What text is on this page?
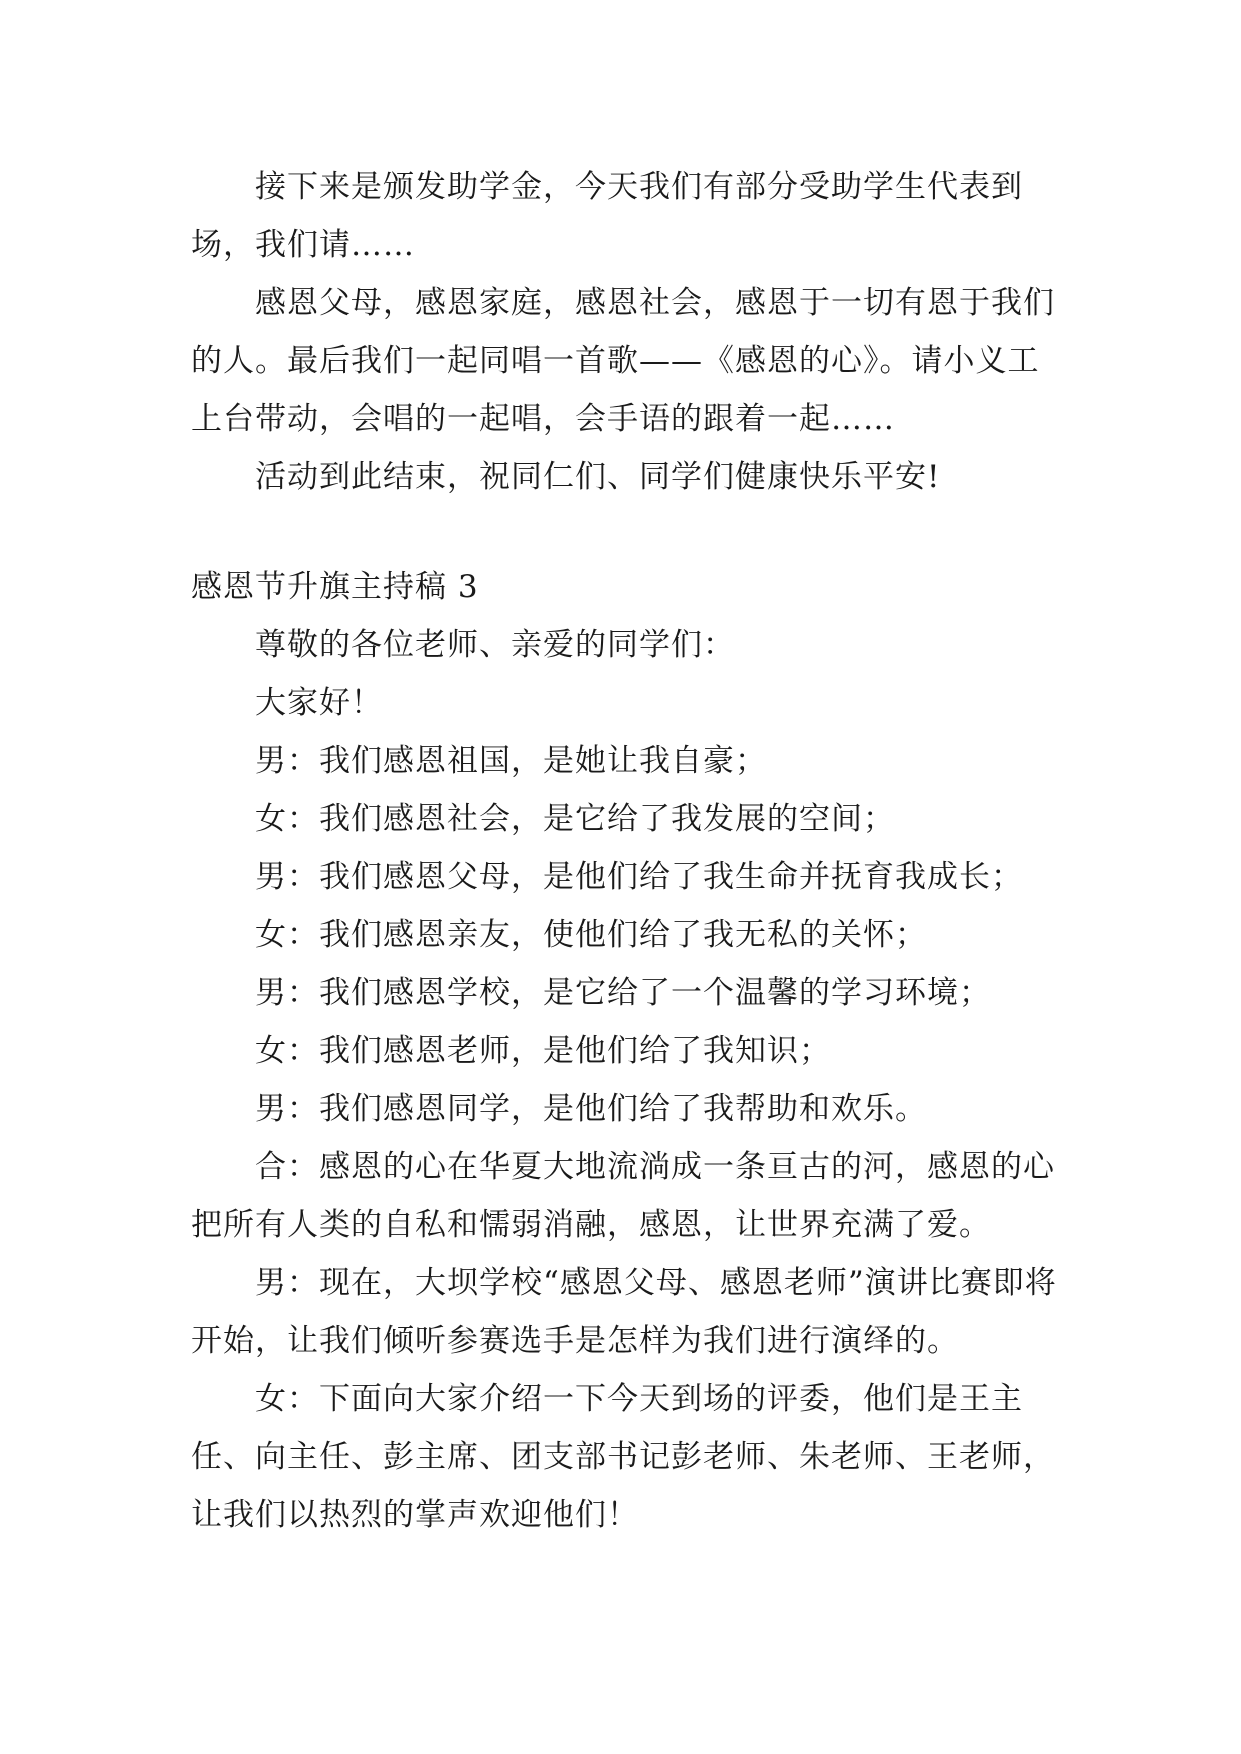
接下来是颁发助学金，今天我们有部分受助学生代表到场，我们请……

感恩父母，感恩家庭，感恩社会，感恩于一切有恩于我们的人。最后我们一起同唱一首歌——《感恩的心》。请小义工上台带动，会唱的一起唱，会手语的跟着一起……

活动到此结束，祝同仁们、同学们健康快乐平安!

感恩节升旗主持稿 3

尊敬的各位老师、亲爱的同学们：

大家好！

男：我们感恩祖国，是她让我自豪；

女：我们感恩社会，是它给了我发展的空间；

男：我们感恩父母，是他们给了我生命并抚育我成长；

女：我们感恩亲友，使他们给了我无私的关怀；

男：我们感恩学校，是它给了一个温馨的学习环境；

女：我们感恩老师，是他们给了我知识；

男：我们感恩同学，是他们给了我帮助和欢乐。

合：感恩的心在华夏大地流淌成一条亘古的河，感恩的心把所有人类的自私和懦弱消融，感恩，让世界充满了爱。

男：现在，大坝学校“感恩父母、感恩老师”演讲比赛即将开始，让我们倾听参赛选手是怎样为我们进行演绎的。

女：下面向大家介绍一下今天到场的评委，他们是王主任、向主任、彭主席、团支部书记彭老师、朱老师、王老师，让我们以热烈的掌声欢迎他们！
